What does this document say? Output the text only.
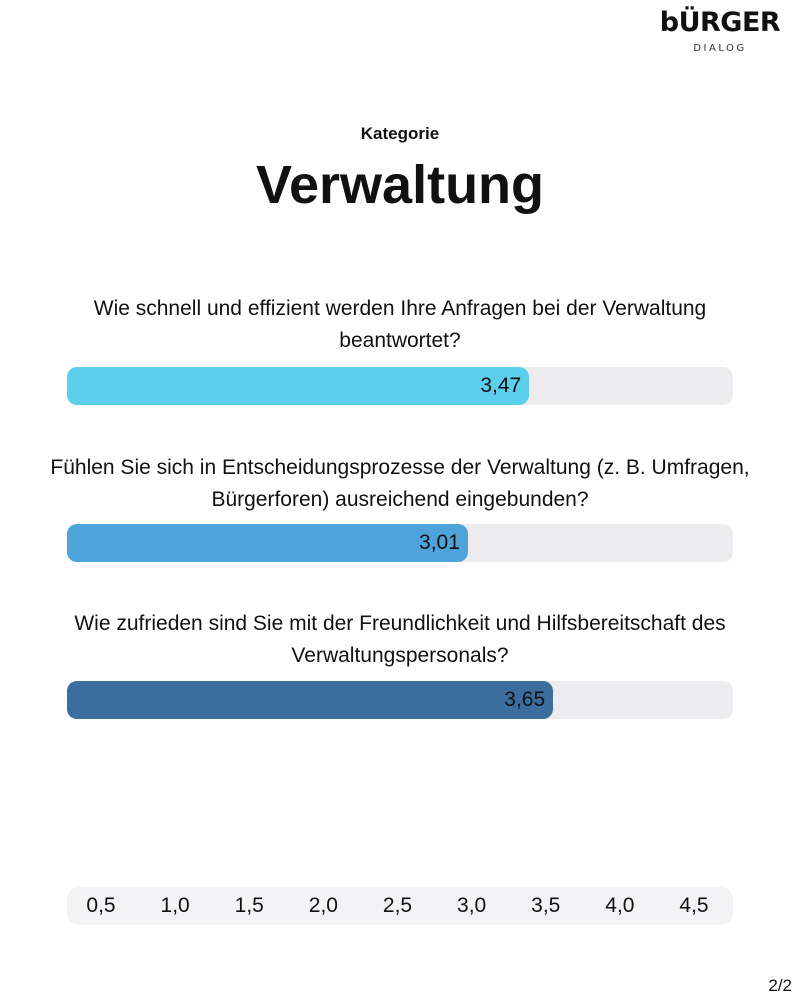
bÜRGER
DIALOG
Kategorie
Verwaltung
Wie schnell und effizient werden Ihre Anfragen bei der Verwaltung beantwortet?
3,47
Fühlen Sie sich in Entscheidungsprozesse der Verwaltung (z. B. Umfragen, Bürgerforen) ausreichend eingebunden?
3,01
Wie zufrieden sind Sie mit der Freundlichkeit und Hilfsbereitschaft des Verwaltungspersonals?
3,65
0,5 1,0 1,5 2,0 2,5 3,0 3,5 4,0 4,5
2/2
